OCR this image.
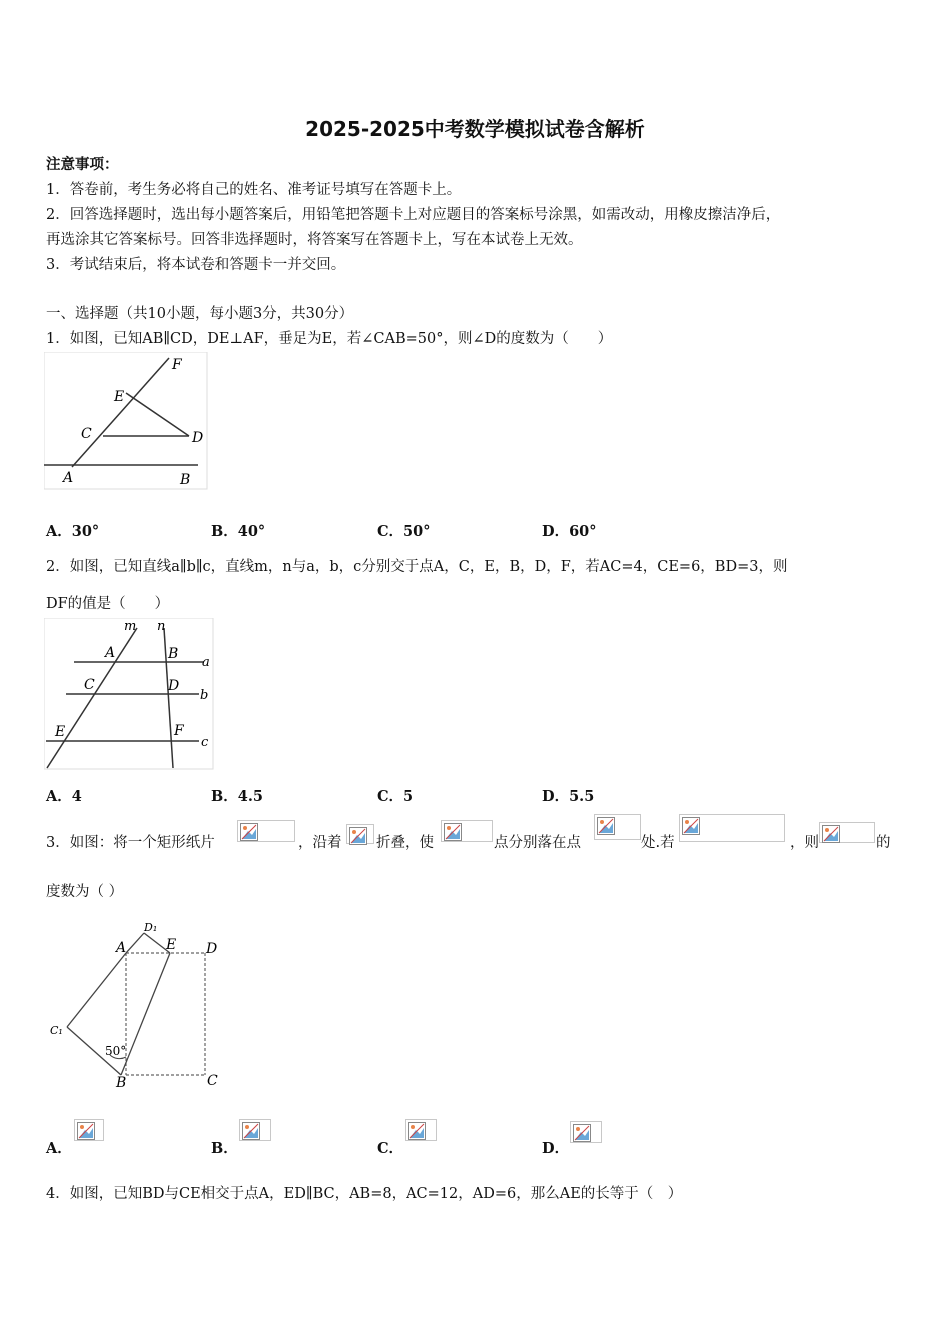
2025-2025中考数学模拟试卷含解析
注意事项：
1．答卷前，考生务必将自己的姓名、准考证号填写在答题卡上。
2．回答选择题时，选出每小题答案后，用铅笔把答题卡上对应题目的答案标号涂黑，如需改动，用橡皮擦洁净后，
再选涂其它答案标号。回答非选择题时，将答案写在答题卡上，写在本试卷上无效。
3．考试结束后，将本试卷和答题卡一并交回。
一、选择题（共10小题，每小题3分，共30分）
1．如图，已知AB∥CD，DE⊥AF，垂足为E，若∠CAB=50°，则∠D的度数为（　　）
F
E
C	D
A	B
A．30°	B．40°	C．50°	D．60°
2．如图，已知直线a∥b∥c，直线m，n与a，b，c分别交于点A，C，E，B，D，F，若AC=4，CE=6，BD=3，则
DF的值是（　　）
m n
A	B
a
C	D
b
E	F
c
A．4	B．4.5	C．5	D．5.5
3．如图：将一个矩形纸片	，沿着 折叠，使	点分别落在点	处.若	，则	的
度数为（ ）
D₁
A	E D
C₁
50°
B	C
A．	B．	C．	D．
4．如图，已知BD与CE相交于点A，ED∥BC，AB=8，AC=12，AD=6，那么AE的长等于（　）
